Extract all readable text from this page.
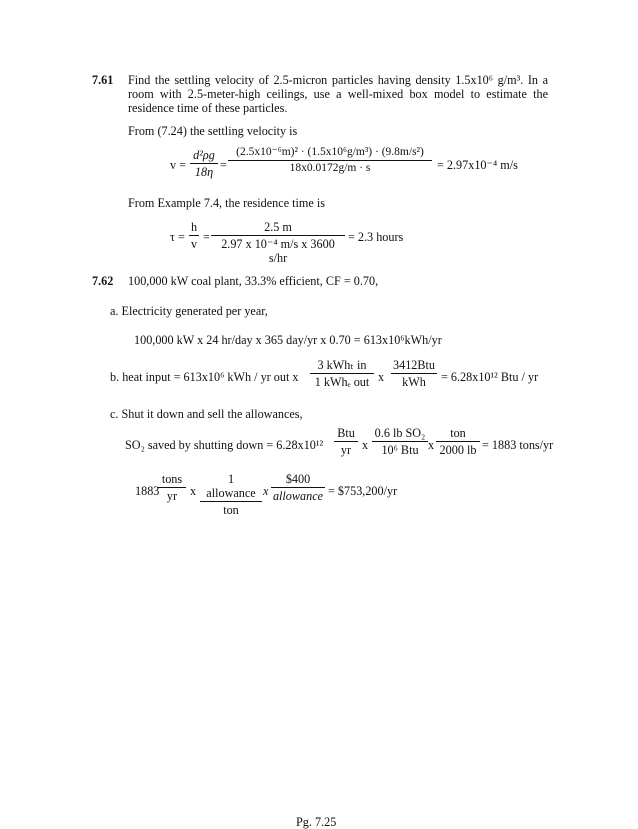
7.61 Find the settling velocity of 2.5-micron particles having density 1.5x10⁶ g/m³. In a room with 2.5-meter-high ceilings, use a well-mixed box model to estimate the residence time of these particles.
From (7.24) the settling velocity is
v =
d²ρg
18η
=
(2.5x10⁻⁶m)² · (1.5x10⁶g/m³) · (9.8m/s²)
18x0.0172g/m · s	= 2.97x10⁻⁴ m/s
From Example 7.4, the residence time is
τ =
h
v
=
2.5 m
2.97 x 10⁻⁴ m/s x 3600 s/hr
= 2.3 hours
7.62 100,000 kW coal plant, 33.3% efficient, CF = 0.70,
a. Electricity generated per year,
100,000 kW x 24 hr/day x 365 day/yr x 0.70 = 613x10⁶kWh/yr
b. heat input = 613x10⁶ kWh / yr out x
3 kWhₜ in
1 kWhₑ out x
3412Btu
kWh	= 6.28x10¹² Btu / yr
c. Shut it down and sell the allowances,
SO₂ saved by shutting down = 6.28x10¹²
Btu
yr x
0.6 lb SO₂
10⁶ Btu x
ton
2000 lb = 1883 tons/yr
1883
tons
yr	x
1 allowance
ton
x
$400
allowance = $753,200/yr
Pg. 7.25
